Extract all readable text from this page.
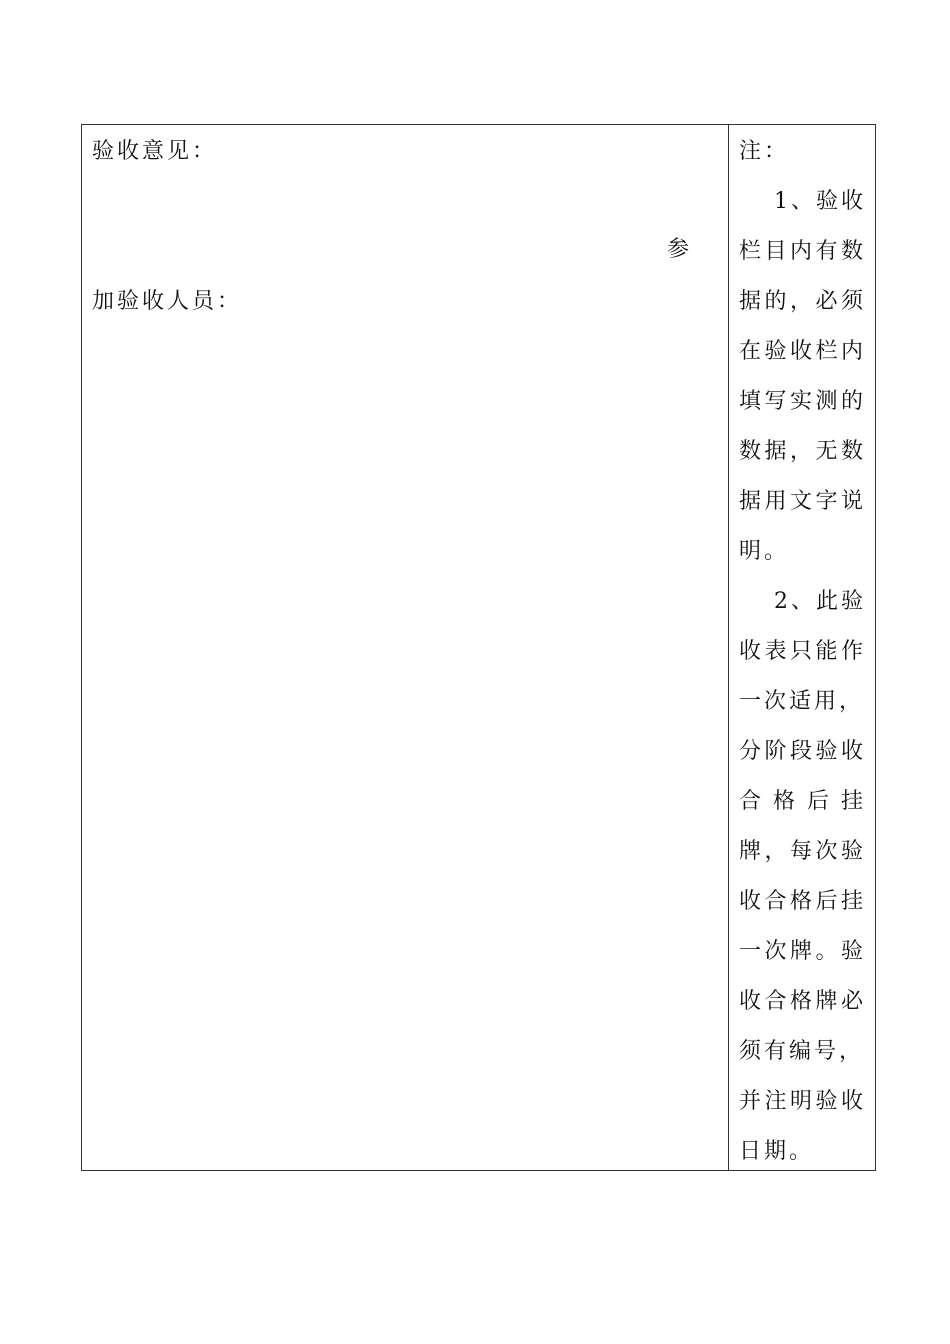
验收意见：
参
加验收人员：
注：
1、验收
栏目内有数
据的，必须
在验收栏内
填写实测的
数据，无数
据用文字说
明。
2、此验
收表只能作
一次适用，
分阶段验收
合格后挂
牌，每次验
收合格后挂
一次牌。验
收合格牌必
须有编号，
并注明验收
日期。
